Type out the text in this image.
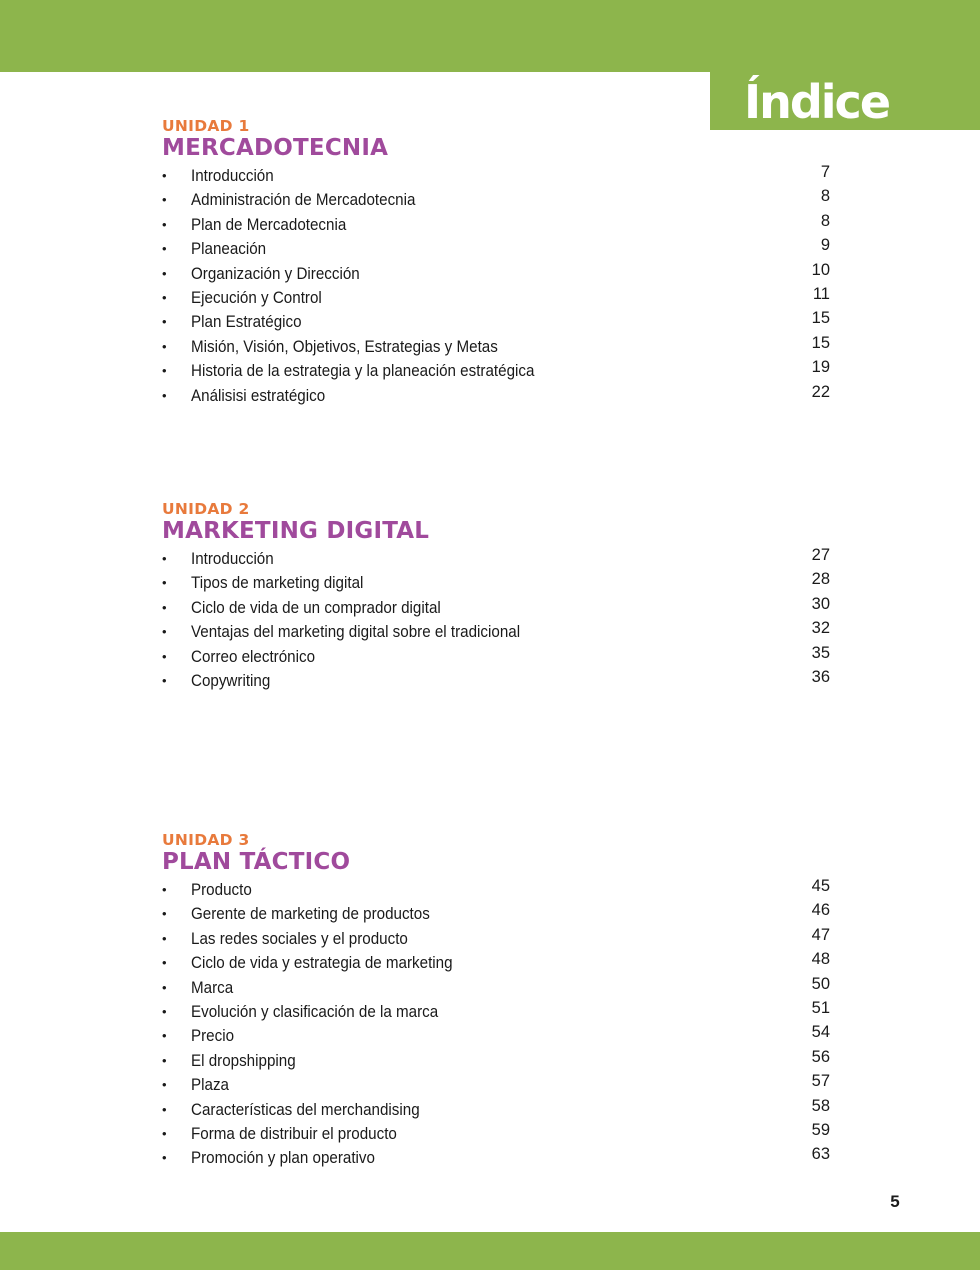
Índice
UNIDAD 1
MERCADOTECNIA
• Introducción	7
• Administración de Mercadotecnia	8
• Plan de Mercadotecnia	8
• Planeación	9
• Organización y Dirección	10
• Ejecución y Control	11
• Plan Estratégico	15
• Misión, Visión, Objetivos, Estrategias y Metas	15
• Historia de la estrategia y la planeación estratégica	19
• Análisisi estratégico	22
UNIDAD 2
MARKETING DIGITAL
• Introducción	27
• Tipos de marketing digital	28
• Ciclo de vida de un comprador digital	30
• Ventajas del marketing digital sobre el tradicional	32
• Correo electrónico	35
• Copywriting	36
UNIDAD 3
PLAN TÁCTICO
• Producto	45
• Gerente de marketing de productos	46
• Las redes sociales y el producto	47
• Ciclo de vida y estrategia de marketing	48
• Marca	50
• Evolución y clasificación de la marca	51
• Precio	54
• El dropshipping	56
• Plaza	57
• Características del merchandising	58
• Forma de distribuir el producto	59
• Promoción y plan operativo	63
5
